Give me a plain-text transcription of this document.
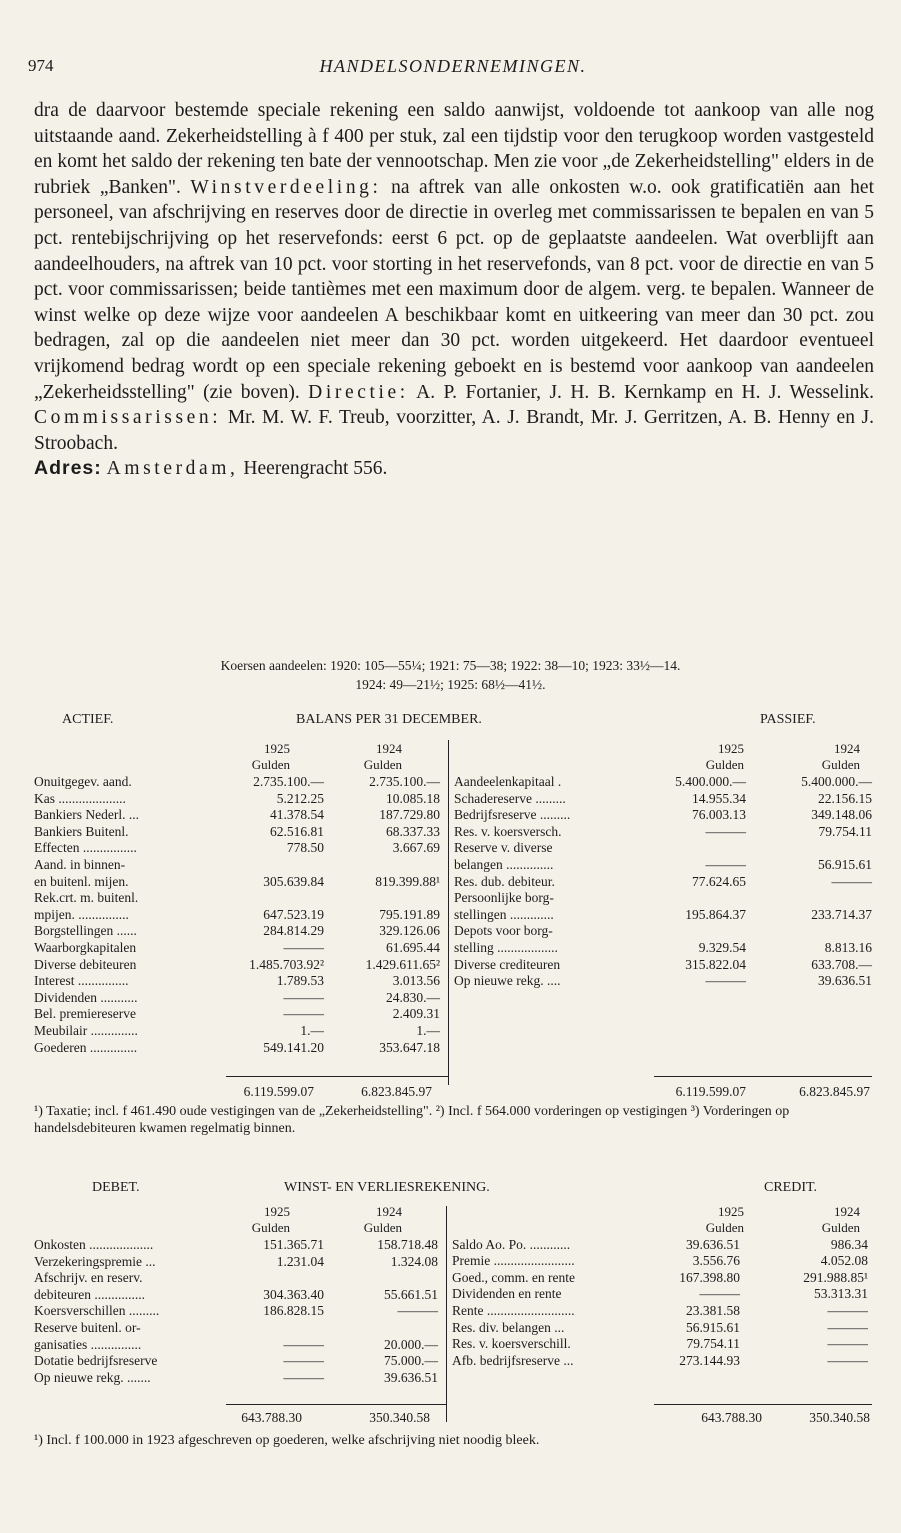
974	HANDELSONDERNEMINGEN.

dra de daarvoor bestemde speciale rekening een saldo aanwijst, voldoende tot aankoop van alle nog uitstaande aand. Zekerheidstelling à f 400 per stuk, zal een tijdstip voor den terugkoop worden vastgesteld en komt het saldo der rekening ten bate der vennootschap. Men zie voor „de Zekerheidstelling" elders in de rubriek „Banken". Winstverdeeling: na aftrek van alle onkosten w.o. ook gratificatiën aan het personeel, van afschrijving en reserves door de directie in overleg met commissarissen te bepalen en van 5 pct. rentebijschrijving op het reservefonds: eerst 6 pct. op de geplaatste aandeelen. Wat overblijft aan aandeelhouders, na aftrek van 10 pct. voor storting in het reservefonds, van 8 pct. voor de directie en van 5 pct. voor commissarissen; beide tantièmes met een maximum door de algem. verg. te bepalen. Wanneer de winst welke op deze wijze voor aandeelen A beschikbaar komt en uitkeering van meer dan 30 pct. zou bedragen, zal op die aandeelen niet meer dan 30 pct. worden uitgekeerd. Het daardoor eventueel vrijkomend bedrag wordt op een speciale rekening geboekt en is bestemd voor aankoop van aandeelen „Zekerheidsstelling" (zie boven). Directie: A. P. Fortanier, J. H. B. Kernkamp en H. J. Wesselink. Commissarissen: Mr. M. W. F. Treub, voorzitter, A. J. Brandt, Mr. J. Gerritzen, A. B. Henny en J. Stroobach.

Adres: Amsterdam, Heerengracht 556.

Koersen aandeelen: 1920: 105—55¼; 1921: 75—38; 1922: 38—10; 1923: 33½—14.
1924: 49—21½; 1925: 68½—41½.
ACTIEF.	BALANS PER 31 DECEMBER.	PASSIEF.
1925
Gulden
1924
Gulden
1925
Gulden
1924
Gulden
Onuitgegev. aand.	2.735.100.—	2.735.100.—
Kas ....................	5.212.25	10.085.18
Bankiers Nederl. ...	41.378.54	187.729.80
Bankiers Buitenl.	62.516.81	68.337.33
Effecten ................	778.50	3.667.69
Aand. in binnen-
en buitenl. mijen.	305.639.84	819.399.88¹
Rek.crt. m. buitenl.
mpijen. ...............	647.523.19	795.191.89
Borgstellingen ......	284.814.29	329.126.06
Waarborgkapitalen	———	61.695.44
Diverse debiteuren	1.485.703.92²	1.429.611.65²
Interest ...............	1.789.53	3.013.56
Dividenden ...........	———	24.830.—
Bel. premiereserve	———	2.409.31
Meubilair ..............	1.—	1.—
Goederen ..............	549.141.20	353.647.18
Aandeelenkapitaal .	5.400.000.—	5.400.000.—
Schadereserve .........	14.955.34	22.156.15
Bedrijfsreserve .........	76.003.13	349.148.06
Res. v. koersversch.	———	79.754.11
Reserve v. diverse
belangen ..............	———	56.915.61
Res. dub. debiteur.	77.624.65	———
Persoonlijke borg-
stellingen .............	195.864.37	233.714.37
Depots voor borg-
stelling ..................	9.329.54	8.813.16
Diverse crediteuren	315.822.04	633.708.—
Op nieuwe rekg. ....	———	39.636.51
6.119.599.07	6.823.845.97	6.119.599.07	6.823.845.97
¹) Taxatie; incl. f 461.490 oude vestigingen van de „Zekerheidstelling". ²) Incl. f 564.000 vorderingen op vestigingen ³) Vorderingen op handelsdebiteuren kwamen regelmatig binnen.
DEBET.	WINST- EN VERLIESREKENING.	CREDIT.
1925
Gulden
1924
Gulden
1925
Gulden
1924
Gulden
Onkosten ...................	151.365.71	158.718.48
Verzekeringspremie ...	1.231.04	1.324.08
Afschrijv. en reserv.
debiteuren ...............	304.363.40	55.661.51
Koersverschillen .........	186.828.15	———
Reserve buitenl. or-
ganisaties ...............	———	20.000.—
Dotatie bedrijfsreserve	———	75.000.—
Op nieuwe rekg. .......	———	39.636.51
Saldo Ao. Po. ............	39.636.51	986.34
Premie ........................	3.556.76	4.052.08
Goed., comm. en rente	167.398.80	291.988.85¹
Dividenden en rente	———	53.313.31
Rente ..........................	23.381.58	———
Res. div. belangen ...	56.915.61	———
Res. v. koersverschill.	79.754.11	———
Afb. bedrijfsreserve ...	273.144.93	———
643.788.30	350.340.58	643.788.30	350.340.58
¹) Incl. f 100.000 in 1923 afgeschreven op goederen, welke afschrijving niet noodig bleek.
